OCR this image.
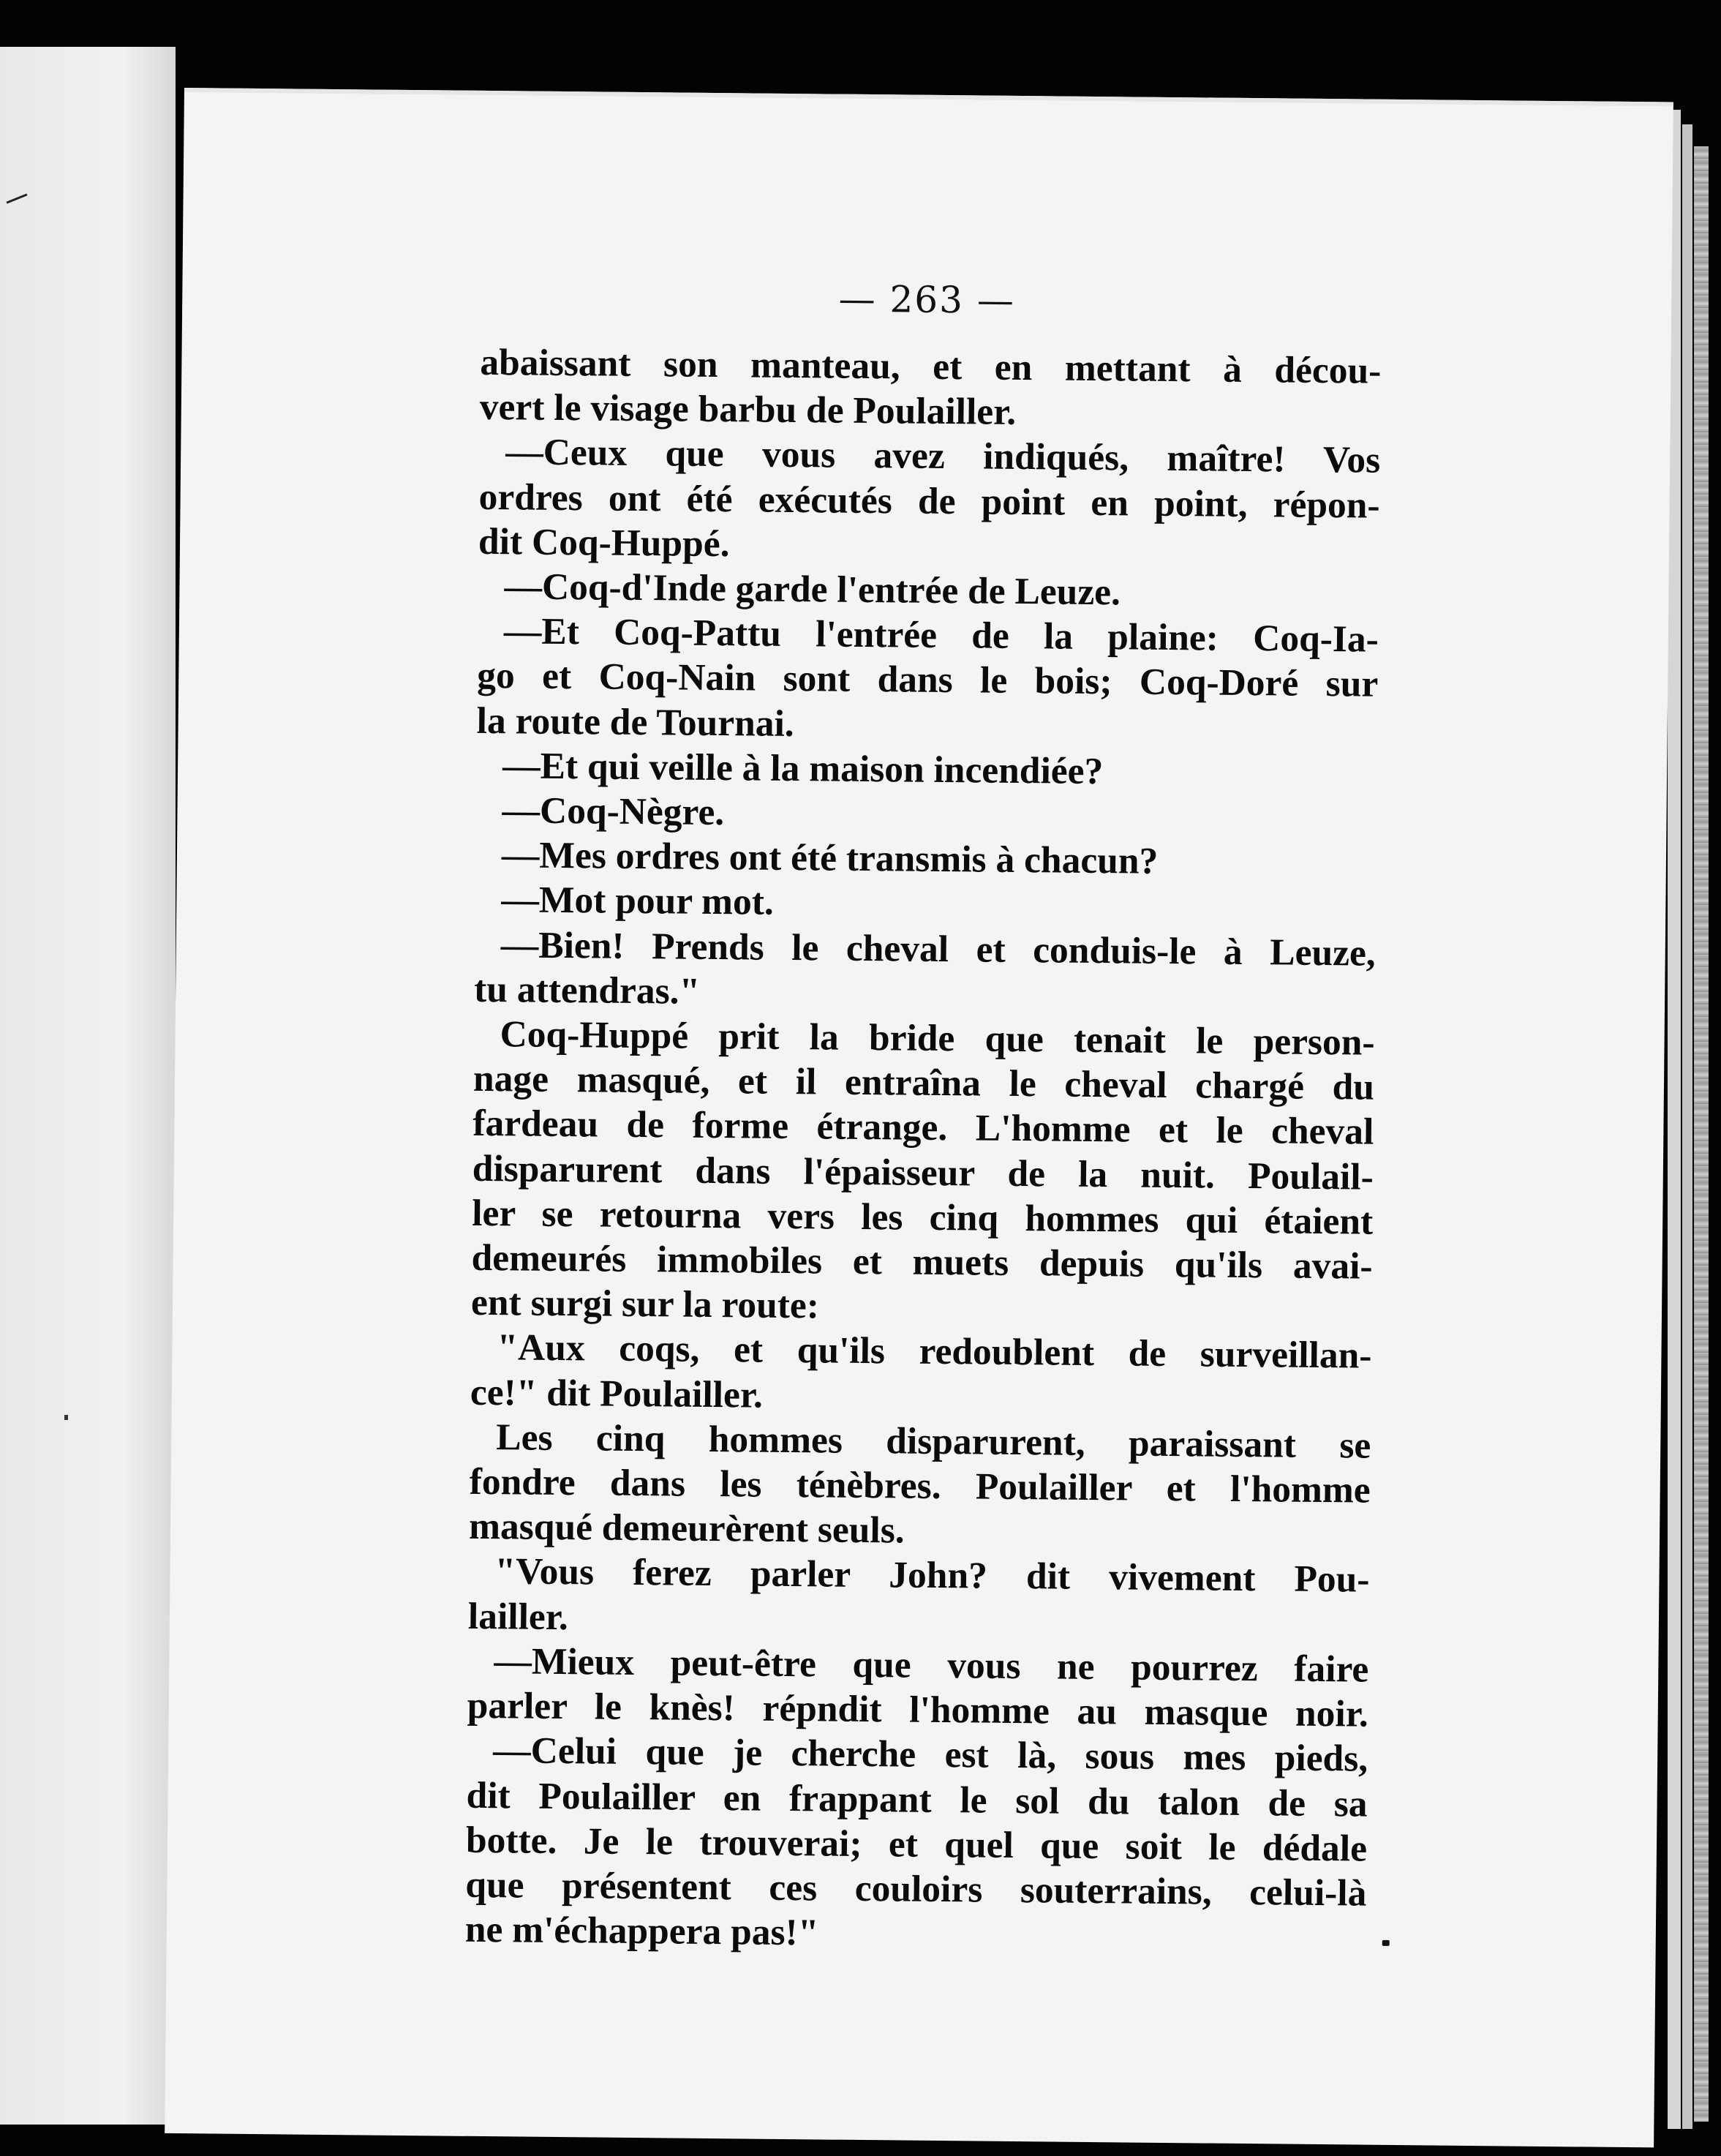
— 263 —
abaissant son manteau, et en mettant à décou-
vert le visage barbu de Poulailler.
—Ceux que vous avez indiqués, maître! Vos
ordres ont été exécutés de point en point, répon-
dit Coq-Huppé.
—Coq-d'Inde garde l'entrée de Leuze.
—Et Coq-Pattu l'entrée de la plaine: Coq-Ia-
go et Coq-Nain sont dans le bois; Coq-Doré sur
la route de Tournai.
—Et qui veille à la maison incendiée?
—Coq-Nègre.
—Mes ordres ont été transmis à chacun?
—Mot pour mot.
—Bien! Prends le cheval et conduis-le à Leuze,
tu attendras."
Coq-Huppé prit la bride que tenait le person-
nage masqué, et il entraîna le cheval chargé du
fardeau de forme étrange. L'homme et le cheval
disparurent dans l'épaisseur de la nuit. Poulail-
ler se retourna vers les cinq hommes qui étaient
demeurés immobiles et muets depuis qu'ils avai-
ent surgi sur la route:
"Aux coqs, et qu'ils redoublent de surveillan-
ce!" dit Poulailler.
Les cinq hommes disparurent, paraissant se
fondre dans les ténèbres. Poulailler et l'homme
masqué demeurèrent seuls.
"Vous ferez parler John? dit vivement Pou-
lailler.
—Mieux peut-être que vous ne pourrez faire
parler le knès! répndit l'homme au masque noir.
—Celui que je cherche est là, sous mes pieds,
dit Poulailler en frappant le sol du talon de sa
botte. Je le trouverai; et quel que soit le dédale
que présentent ces couloirs souterrains, celui-là
ne m'échappera pas!"
